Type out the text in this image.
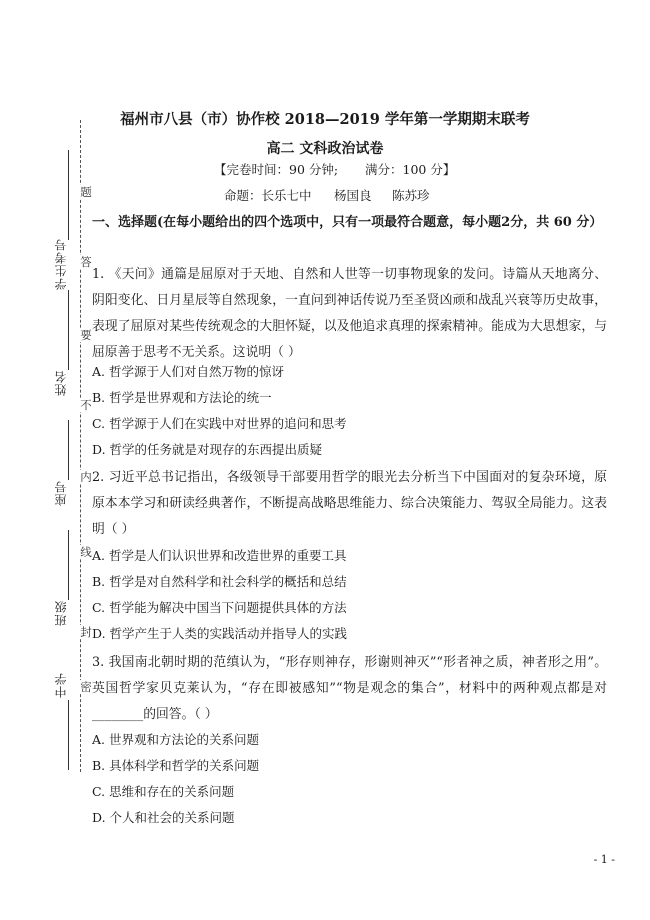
学生考号
姓名
座号
班级
中学
题
答
要
不
内
线
封
密
福州市八县（市）协作校 2018—2019 学年第一学期期末联考
高二 文科政治试卷
【完卷时间：90 分钟; 满分：100 分】
命题：长乐七中 杨国良 陈苏珍
一、选择题(在每小题给出的四个选项中，只有一项最符合题意，每小题2分，共 60 分）
1. 《天问》通篇是屈原对于天地、自然和人世等一切事物现象的发问。诗篇从天地离分、阴阳变化、日月星辰等自然现象，一直问到神话传说乃至圣贤凶顽和战乱兴衰等历史故事，表现了屈原对某些传统观念的大胆怀疑，以及他追求真理的探索精神。能成为大思想家，与屈原善于思考不无关系。这说明（ ）
A. 哲学源于人们对自然万物的惊讶
B. 哲学是世界观和方法论的统一
C. 哲学源于人们在实践中对世界的追问和思考
D. 哲学的任务就是对现存的东西提出质疑
2. 习近平总书记指出，各级领导干部要用哲学的眼光去分析当下中国面对的复杂环境，原原本本学习和研读经典著作，不断提高战略思维能力、综合决策能力、驾驭全局能力。这表明（ ）
A. 哲学是人们认识世界和改造世界的重要工具
B. 哲学是对自然科学和社会科学的概括和总结
C. 哲学能为解决中国当下问题提供具体的方法
D. 哲学产生于人类的实践活动并指导人的实践
3. 我国南北朝时期的范缜认为，“形存则神存，形谢则神灭”“形者神之质，神者形之用”。英国哲学家贝克莱认为，“存在即被感知”“物是观念的集合”，材料中的两种观点都是对________的回答。（ ）
A. 世界观和方法论的关系问题
B. 具体科学和哲学的关系问题
C. 思维和存在的关系问题
D. 个人和社会的关系问题
- 1 -
